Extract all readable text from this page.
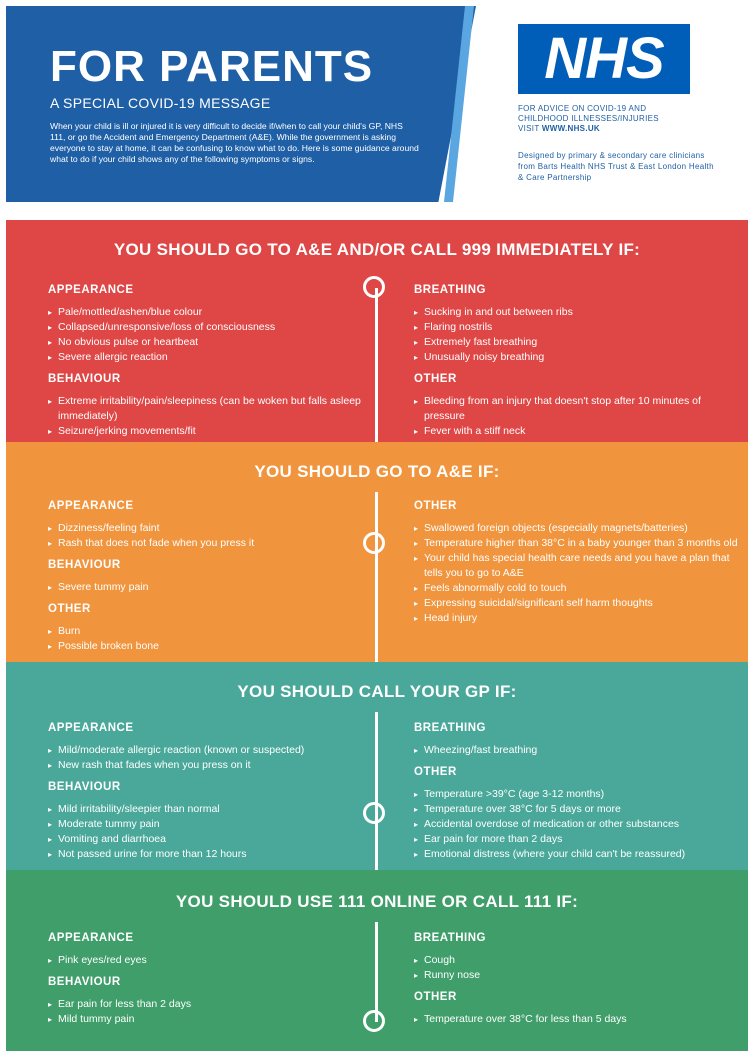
FOR PARENTS

A SPECIAL COVID-19 MESSAGE

When your child is ill or injured it is very difficult to decide if/when to call your child's GP, NHS 111, or go the Accident and Emergency Department (A&E). While the government is asking everyone to stay at home, it can be confusing to know what to do. Here is some guidance around what to do if your child shows any of the following symptoms or signs.

NHS

FOR ADVICE ON COVID-19 AND
CHILDHOOD ILLNESSES/INJURIES
VISIT WWW.NHS.UK

Designed by primary & secondary care clinicians from Barts Health NHS Trust & East London Health & Care Partnership

YOU SHOULD GO TO A&E AND/OR CALL 999 IMMEDIATELY IF:

APPEARANCE

▸ Pale/mottled/ashen/blue colour
▸ Collapsed/unresponsive/loss of consciousness
▸ No obvious pulse or heartbeat
▸ Severe allergic reaction

BEHAVIOUR

▸ Extreme irritability/pain/sleepiness (can be woken but falls asleep immediately)
▸ Seizure/jerking movements/fit

BREATHING

▸ Sucking in and out between ribs
▸ Flaring nostrils
▸ Extremely fast breathing
▸ Unusually noisy breathing

OTHER

▸ Bleeding from an injury that doesn't stop after 10 minutes of pressure
▸ Fever with a stiff neck
YOU SHOULD GO TO A&E IF:

APPEARANCE

▸ Dizziness/feeling faint
▸ Rash that does not fade when you press it

BEHAVIOUR

▸ Severe tummy pain

OTHER

▸ Burn
▸ Possible broken bone

OTHER

▸ Swallowed foreign objects (especially magnets/batteries)
▸ Temperature higher than 38°C in a baby younger than 3 months old
▸ Your child has special health care needs and you have a plan that tells you to go to A&E
▸ Feels abnormally cold to touch
▸ Expressing suicidal/significant self harm thoughts
▸ Head injury
YOU SHOULD CALL YOUR GP IF:

APPEARANCE

▸ Mild/moderate allergic reaction (known or suspected)
▸ New rash that fades when you press on it

BEHAVIOUR

▸ Mild irritability/sleepier than normal
▸ Moderate tummy pain
▸ Vomiting and diarrhoea
▸ Not passed urine for more than 12 hours

BREATHING

▸ Wheezing/fast breathing

OTHER

▸ Temperature >39°C (age 3-12 months)
▸ Temperature over 38°C for 5 days or more
▸ Accidental overdose of medication or other substances
▸ Ear pain for more than 2 days
▸ Emotional distress (where your child can't be reassured)
YOU SHOULD USE 111 ONLINE OR CALL 111 IF:

APPEARANCE

▸ Pink eyes/red eyes

BEHAVIOUR

▸ Ear pain for less than 2 days
▸ Mild tummy pain

BREATHING

▸ Cough
▸ Runny nose

OTHER

▸ Temperature over 38°C for less than 5 days
